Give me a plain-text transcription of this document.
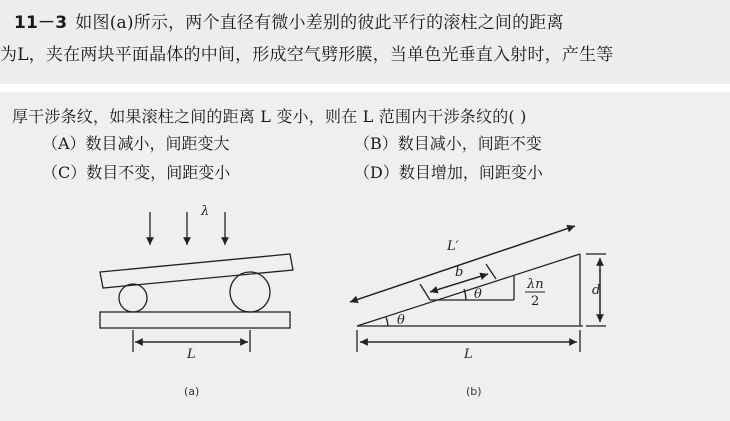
11－3 如图(a)所示，两个直径有微小差别的彼此平行的滚柱之间的距离
为L，夹在两块平面晶体的中间，形成空气劈形膜，当单色光垂直入射时，产生等
厚干涉条纹，如果滚柱之间的距离 L 变小，则在 L 范围内干涉条纹的( )
（A）数目减小，间距变大	（B）数目减小，间距不变
（C）数目不变，间距变小	（D）数目增加，间距变小
λ
L
(a)
L′
b
θ
θ
λn
2
d
L
(b)
